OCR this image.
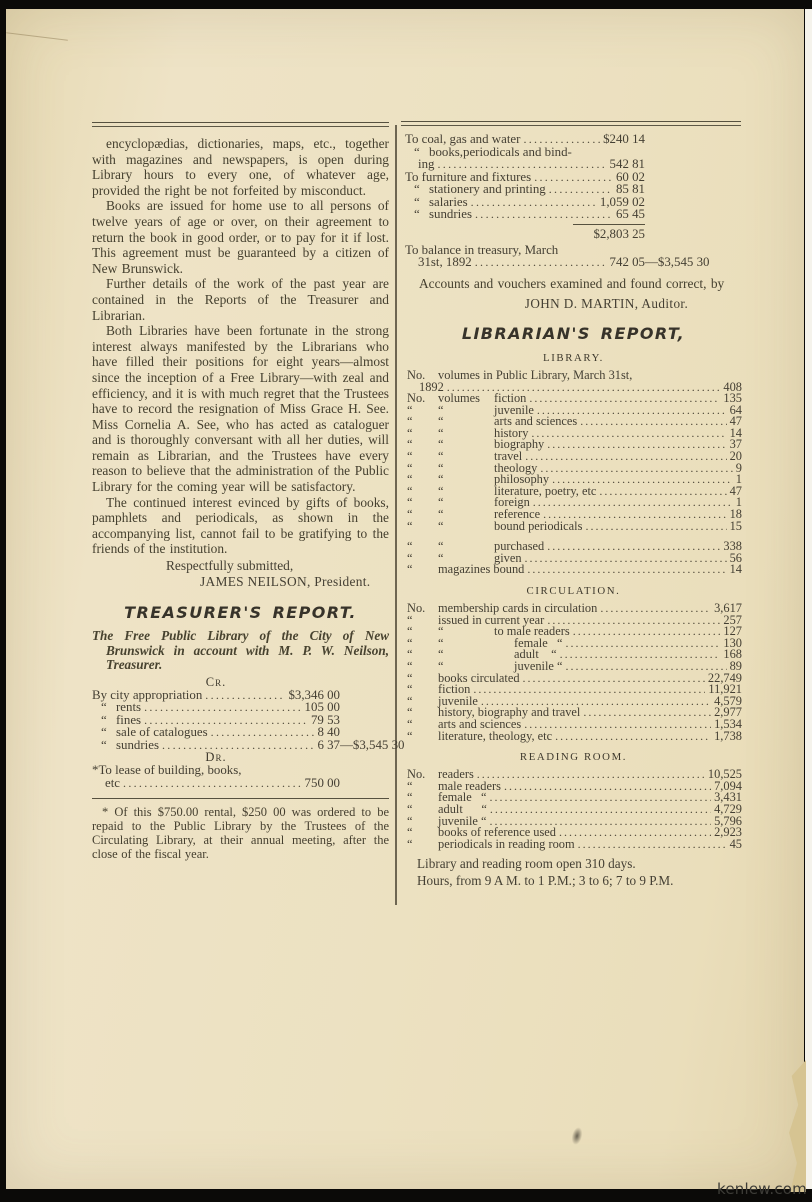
encyclopædias, dictionaries, maps, etc., together with magazines and newspapers, is open during Library hours to every one, of whatever age, provided the right be not forfeited by misconduct.

Books are issued for home use to all persons of twelve years of age or over, on their agreement to return the book in good order, or to pay for it if lost. This agreement must be guaranteed by a citizen of New Brunswick.

Further details of the work of the past year are contained in the Reports of the Treasurer and Librarian.

Both Libraries have been fortunate in the strong interest always manifested by the Librarians who have filled their positions for eight years—almost since the inception of a Free Library—with zeal and efficiency, and it is with much regret that the Trustees have to record the resignation of Miss Grace H. See. Miss Cornelia A. See, who has acted as cataloguer and is thoroughly conversant with all her duties, will remain as Librarian, and the Trustees have every reason to believe that the administration of the Public Library for the coming year will be satisfactory.

The continued interest evinced by gifts of books, pamphlets and periodicals, as shown in the accompanying list, cannot fail to be gratifying to the friends of the institution.

Respectfully submitted,
JAMES NEILSON, President.
TREASURER'S REPORT.

The Free Public Library of the City of New Brunswick in account with M. P. W. Neilson, Treasurer.

Cr.
By city appropriation .....	$3,346 00
“ rents .....	105 00
“ fines .....	79 53
“ sale of catalogues .....	8 40
“ sundries .....	6 37 —$3,545 30
Dr.
*To lease of building, books,
etc .....	750 00

* Of this $750.00 rental, $250 00 was ordered to be repaid to the Public Library by the Trustees of the Circulating Library, at their annual meeting, after the close of the fiscal year.

To coal, gas and water .....	$240 14
“ books,periodicals and bind-
ing .....	542 81
To furniture and fixtures .....	60 02
“ stationery and printing .....	85 81
“ salaries .....	1,059 02
“ sundries .....	65 45
$2,803 25
To balance in treasury, March
31st, 1892 .....	742 05 —$3,545 30

Accounts and vouchers examined and found correct, by

JOHN D. MARTIN, Auditor.
LIBRARIAN'S REPORT,
LIBRARY.
No.	volumes in Public Library, March 31st,
1892 .....	408
No.	volumes	fiction .....	135
“	“	juvenile .....	64
“	“	arts and sciences .....	47
“	“	history .....	14
“	“	biography .....	37
“	“	travel .....	20
“	“	theology .....	9
“	“	philosophy .....	1
“	“	literature, poetry, etc .....	47
“	“	foreign .....	1
“	“	reference .....	18
“	“	bound periodicals .....	15
“	“	purchased .....	338
“	“	given .....	56
“	magazines bound .....	14
CIRCULATION.
No.	membership cards in circulation .....	3,617
“	issued in current year .....	257
“	“	to male readers .....	127
“	“	female   “ .....	130
“	“	adult    “ .....	168
“	“	juvenile “ .....	89
“	books circulated .....	22,749
“	fiction .....	11,921
“	juvenile .....	4,579
“	history, biography and travel .....	2,977
“	arts and sciences .....	1,534
“	literature, theology, etc .....	1,738
READING ROOM.
No.	readers .....	10,525
“	male readers .....	7,094
“	female   “ .....	3,431
“	adult      “ .....	4,729
“	juvenile “ .....	5,796
“	books of reference used .....	2,923
“	periodicals in reading room .....	45
Library and reading room open 310 days.
Hours, from 9 A M. to 1 P.M.; 3 to 6; 7 to 9 P.M.
kenlew.com
